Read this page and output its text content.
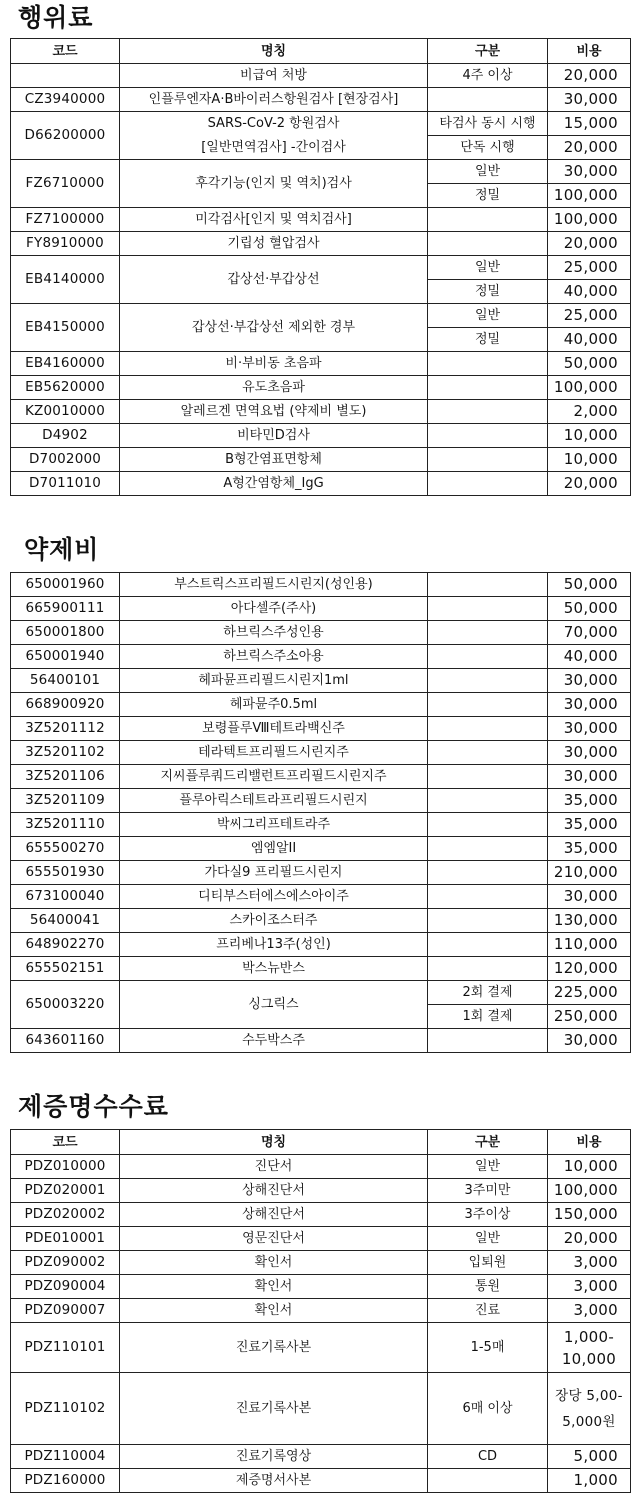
행위료
코드	명칭	구분	비용
	비급여 처방	4주 이상	20,000
CZ3940000	인플루엔자A·B바이러스항원검사 [현장검사]		30,000
D66200000	SARS-CoV-2 항원검사	타검사 동시 시행	15,000
	[일반면역검사] -간이검사	단독 시행	20,000
FZ6710000	후각기능(인지 및 역치)검사	일반	30,000
		정밀	100,000
FZ7100000	미각검사[인지 및 역치검사]		100,000
FY8910000	기립성 혈압검사		20,000
EB4140000	갑상선·부갑상선	일반	25,000
		정밀	40,000
EB4150000	갑상선·부갑상선 제외한 경부	일반	25,000
		정밀	40,000
EB4160000	비·부비동 초음파		50,000
EB5620000	유도초음파		100,000
KZ0010000	알레르겐 면역요법 (약제비 별도)		2,000
D4902	비타민D검사		10,000
D7002000	B형간염표면항체		10,000
D7011010	A형간염항체_IgG		20,000
약제비
650001960	부스트릭스프리필드시린지(성인용)		50,000
665900111	아다셀주(주사)		50,000
650001800	하브릭스주성인용		70,000
650001940	하브릭스주소아용		40,000
56400101	헤파뮨프리필드시린지1ml		30,000
668900920	헤파뮨주0.5ml		30,000
3Z5201112	보령플루Ⅷ테트라백신주		30,000
3Z5201102	테라텍트프리필드시린지주		30,000
3Z5201106	지씨플루쿼드리밸런트프리필드시린지주		30,000
3Z5201109	플루아릭스테트라프리필드시린지		35,000
3Z5201110	박씨그리프테트라주		35,000
655500270	엠엠알II		35,000
655501930	가다실9 프리필드시린지		210,000
673100040	디티부스터에스에스아이주		30,000
56400041	스카이조스터주		130,000
648902270	프리베나13주(성인)		110,000
655502151	박스뉴반스		120,000
650003220	싱그릭스	2회 결제	225,000
		1회 결제	250,000
643601160	수두박스주		30,000
제증명수수료
코드	명칭	구분	비용
PDZ010000	진단서	일반	10,000
PDZ020001	상해진단서	3주미만	100,000
PDZ020002	상해진단서	3주이상	150,000
PDE010001	영문진단서	일반	20,000
PDZ090002	확인서	입퇴원	3,000
PDZ090004	확인서	통원	3,000
PDZ090007	확인서	진료	3,000
PDZ110101	진료기록사본	1-5매	1,000-
10,000

PDZ110102	진료기록사본	6매 이상	장당 5,00-
5,000원

PDZ110004	진료기록영상	CD	5,000
PDZ160000	제증명서사본		1,000
